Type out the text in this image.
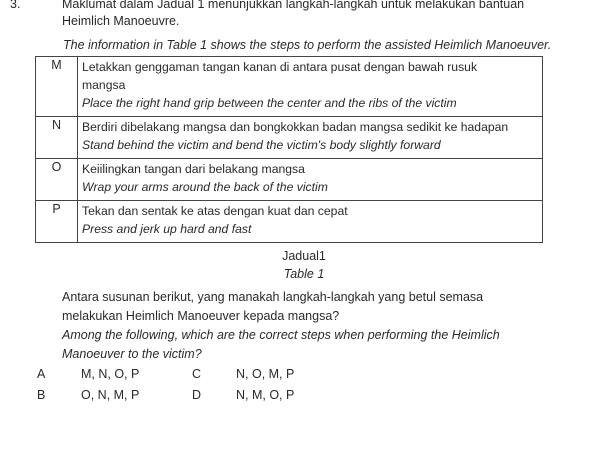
3.	Maklumat dalam Jadual 1 menunjukkan langkah-langkah untuk melakukan bantuan
Heimlich Manoeuvre.
The information in Table 1 shows the steps to perform the assisted Heimlich Manoeuver.
M	Letakkan genggaman tangan kanan di antara pusat dengan bawah rusuk
mangsa
Place the right hand grip between the center and the ribs of the victim

N	Berdiri dibelakang mangsa dan bongkokkan badan mangsa sedikit ke hadapan
Stand behind the victim and bend the victim's body slightly forward

O	Keiilingkan tangan dari belakang mangsa
Wrap your arms around the back of the victim

P	Tekan dan sentak ke atas dengan kuat dan cepat
Press and jerk up hard and fast
Jadual1
Table 1
Antara susunan berikut, yang manakah langkah-langkah yang betul semasa
melakukan Heimlich Manoeuver kepada mangsa?
Among the following, which are the correct steps when performing the Heimlich
Manoeuver to the victim?
A	M, N, O, P	C	N, O, M, P
B	O, N, M, P	D	N, M, O, P
